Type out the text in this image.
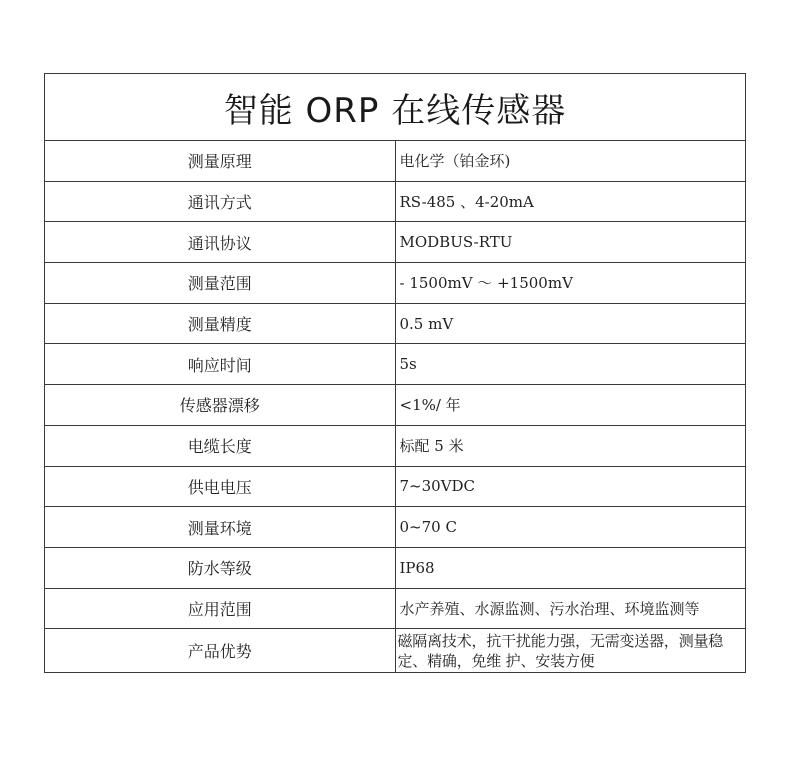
智能 ORP 在线传感器	
测量原理	电化学（铂金环)
通讯方式	RS-485 、4-20mA
通讯协议	MODBUS-RTU
测量范围	- 1500mV ～ +1500mV
测量精度	0.5 mV
响应时间	5s
传感器漂移	<1%/ 年
电缆长度	标配 5 米
供电电压	7~30VDC
测量环境	0~70 C
防水等级	IP68
应用范围	水产养殖、水源监测、污水治理、环境监测等
产品优势	磁隔离技术，抗干扰能力强，无需变送器，测量稳定、精确，免维 护、安装方便
